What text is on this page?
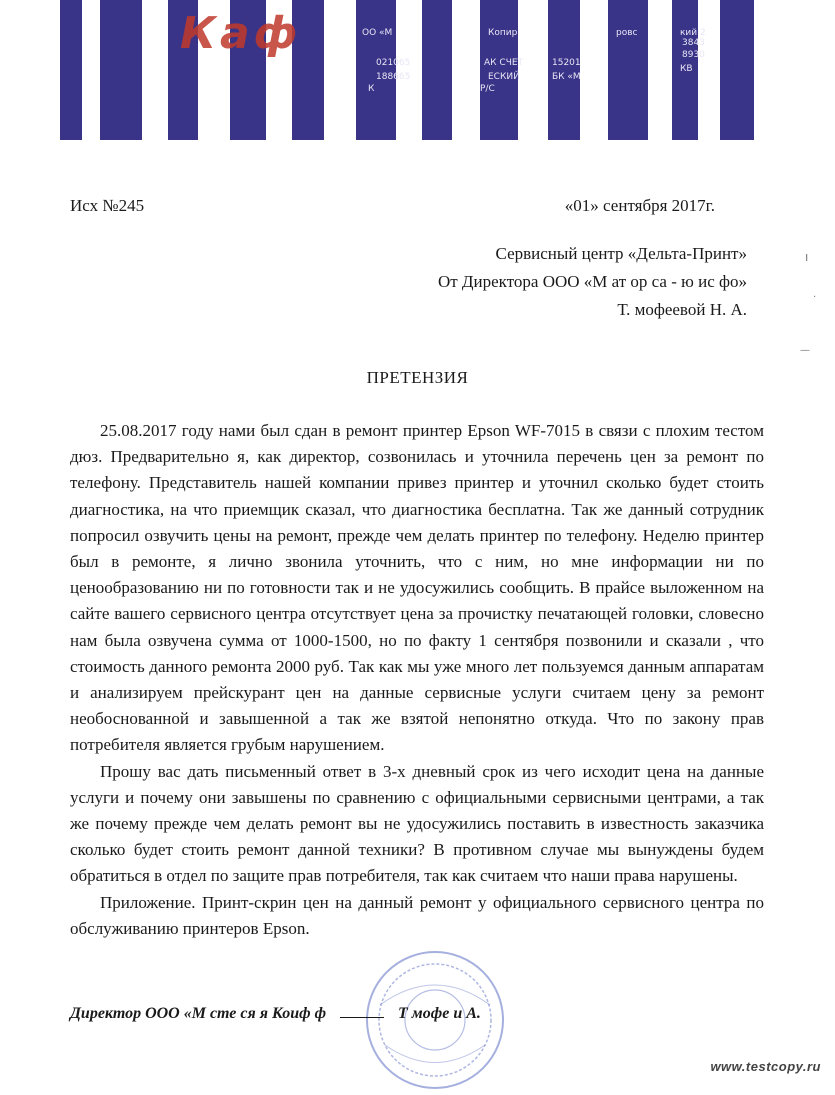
Каф	ОО «М	Копир	ровс	кий 2
021065	15201
188665
АК СЧЕТ
ЕСКИЙ	БК «М
3843
8930
КВ
К	Р/С
ı
·
—
Исх №245	«01» сентября 2017г.
Сервисный центр «Дельта-Принт»
От Директора ООО «М ат ор са - ю ис фо»
Т. мофеевой Н. А.
ПРЕТЕНЗИЯ

25.08.2017 году нами был сдан в ремонт принтер Epson WF-7015 в связи с плохим тестом дюз. Предварительно я, как директор, созвонилась и уточнила перечень цен за ремонт по телефону. Представитель нашей компании привез принтер и уточнил сколько будет стоить диагностика, на что приемщик сказал, что диагностика бесплатна. Так же данный сотрудник попросил озвучить цены на ремонт, прежде чем делать принтер по телефону. Неделю принтер был в ремонте, я лично звонила уточнить, что с ним, но мне информации ни по ценообразованию ни по готовности так и не удосужились сообщить. В прайсе выложенном на сайте вашего сервисного центра отсутствует цена за прочистку печатающей головки, словесно нам была озвучена сумма от 1000-1500, но по факту 1 сентября позвонили и сказали , что стоимость данного ремонта 2000 руб. Так как мы уже много лет пользуемся данным аппаратам и анализируем прейскурант цен на данные сервисные услуги считаем цену за ремонт необоснованной и завышенной а так же взятой непонятно откуда. Что по закону прав потребителя является грубым нарушением.

Прошу вас дать письменный ответ в 3-х дневный срок из чего исходит цена на данные услуги и почему они завышены по сравнению с официальными сервисными центрами, а так же почему прежде чем делать ремонт вы не удосужились поставить в известность заказчика сколько будет стоить ремонт данной техники? В противном случае мы вынуждены будем обратиться в отдел по защите прав потребителя, так как считаем что наши права нарушены.

Приложение. Принт-скрин цен на данный ремонт у официального сервисного центра по обслуживанию принтеров Epson.

Директор ООО «М сте ся я Коиф ф	Т мофе и А.
www.testcopy.ru
